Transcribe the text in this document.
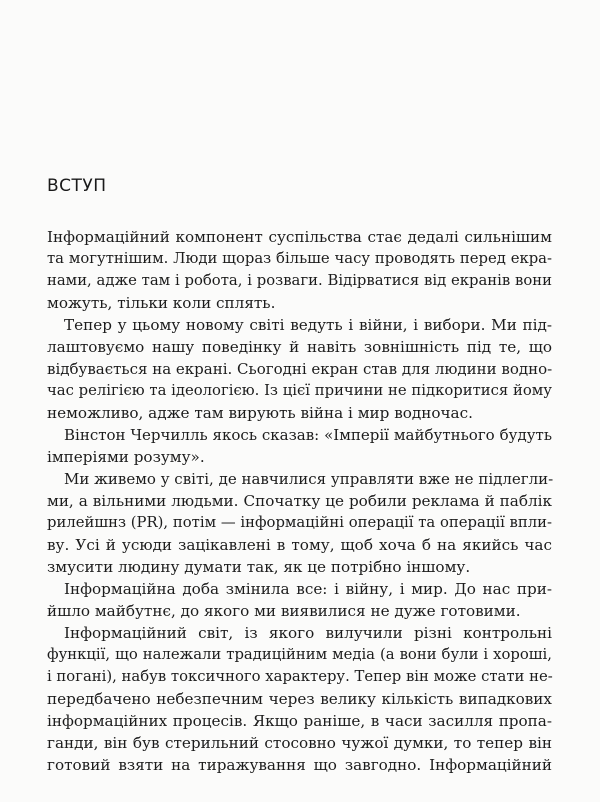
ВСТУП
Інформаційний компонент суспільства стає дедалі сильнішим
та могутнішим. Люди щораз більше часу проводять перед екра-
нами, адже там і робота, і розваги. Відірватися від екранів вони
можуть, тільки коли сплять.
Тепер у цьому новому світі ведуть і війни, і вибори. Ми під-
лаштовуємо нашу поведінку й навіть зовнішність під те, що
відбувається на екрані. Сьогодні екран став для людини водно-
час релігією та ідеологією. Із цієї причини не підкоритися йому
неможливо, адже там вирують війна і мир водночас.
Вінстон Черчилль якось сказав: «Імперії майбутнього будуть
імперіями розуму».
Ми живемо у світі, де навчилися управляти вже не підлегли-
ми, а вільними людьми. Спочатку це робили реклама й паблік
рилейшнз (PR), потім — інформаційні операції та операції впли-
ву. Усі й усюди зацікавлені в тому, щоб хоча б на якийсь час
змусити людину думати так, як це потрібно іншому.
Інформаційна доба змінила все: і війну, і мир. До нас при-
йшло майбутнє, до якого ми виявилися не дуже готовими.
Інформаційний світ, із якого вилучили різні контрольні
функції, що належали традиційним медіа (а вони були і хороші,
і погані), набув токсичного характеру. Тепер він може стати не-
передбачено небезпечним через велику кількість випадкових
інформаційних процесів. Якщо раніше, в часи засилля пропа-
ганди, він був стерильний стосовно чужої думки, то тепер він
готовий взяти на тиражування що завгодно. Інформаційний
